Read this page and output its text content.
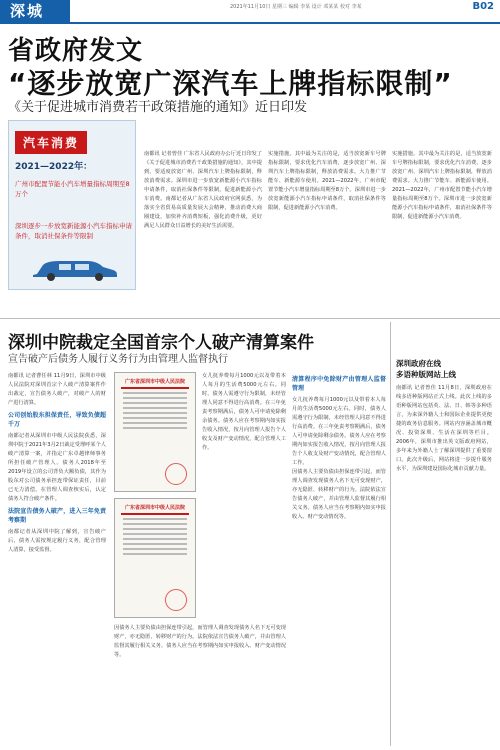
深城	2021年11月10日 星期三 编辑 李某 设计 邓某某 校对 李某	B02
省政府发文
“逐步放宽广深汽车上牌指标限制”
《关于促进城市消费若干政策措施的通知》近日印发
汽车消费
2021—2022年：
广州市配置节能小汽车增量指标周期至8万个
深圳逐步一步放宽新能源小汽车指标申请条件，取消社保条件等限制
南都讯 记者曾佳 广东省人民政府办公厅近日印发了《关于促进城市消费若干政策措施的通知》，其中提到，要适度放宽广州、深圳汽车上牌指标限制，释放消费需求。深圳市进一步放宽新能源小汽车指标申请条件，取消社保条件等限制，促进新能源小汽车消费。南都记者从广东省人民政府官网获悉，为落实全省贸易高质量发展大会精神，推动消费大商圈建设，加快补齐消费短板，强化消费升级，更好满足人民群众日益增长的美好生活需要。
实施措施。其中最为关注的是，适当放宽新车号牌指标限制，要求优化汽车消费，逐步放宽广州、深圳汽车上牌指标限制，释放消费需求。大力推广节能车、新能源车使用。2021—2022年，广州市配置节能小汽车增量指标周期至8万个。深圳市进一步放宽新能源小汽车指标申请条件，取消社保条件等限制，促进新能源小汽车消费。
实施措施。其中最为关注的是，适当放宽新车号牌指标限制，要求优化汽车消费，逐步放宽广州、深圳汽车上牌指标限制，释放消费需求。大力推广节能车、新能源车使用。2021—2022年，广州市配置节能小汽车增量指标周期至8万个。深圳市进一步放宽新能源小汽车指标申请条件，取消社保条件等限制，促进新能源小汽车消费。
深圳中院裁定全国首宗个人破产清算案件
宣告破产后债务人履行义务行为由管理人监督执行
南都讯 记者曹任林 11月9日，深圳市中级人民法院对深圳首宗个人破产清算案件作出裁定，宣告债务人破产，对破产人的财产进行清算。
公司创始股东担保责任，导致负债超千万
南都记者从深圳市中级人民法院获悉，深圳中院于2021年3月2日裁定受理呼某个人破产清算一案，并指定广东卓越律师事务所担任破产管理人。债务人2018年至2019年设立的公司背负大额负债，其作为股东对公司债务承担连带保证责任，目前已无力清偿。在管理人调查核实后，认定债务人符合破产条件。
法院宣告债务人破产，进入三年免责考察期
南都记者从深圳中院了解到，宣告破产后，债务人需按规定履行义务，配合管理人清算，接受监督。
广东省深圳市中级人民法院
广东省深圳市中级人民法院
因债务人主要负债由担保连带引起，而管理人调查发现债务人名下无可变现财产，亦无隐匿、转移财产的行为。法院依法宣告债务人破产，并由管理人监督其履行相关义务。债务人应当在考察期内如实申报收入、财产变动情况等。
女儿抚养费每月1000元以及带着本人每月的生活费5000元左右。同时，债务人需遵守行为限制，未经管理人同意不得进行高消费。在三年免责考察期满后，债务人可申请免除剩余债务。债务人应在考察期内如实报告收入情况，按月向管理人报告个人收支及财产变动情况，配合管理人工作。
清算程序中免除财产由管理人监督管理
女儿抚养费每月1000元以及带着本人每月的生活费5000元左右。同时，债务人需遵守行为限制，未经管理人同意不得进行高消费。在三年免责考察期满后，债务人可申请免除剩余债务。债务人应在考察期内如实报告收入情况，按月向管理人报告个人收支及财产变动情况，配合管理人工作。
因债务人主要负债由担保连带引起，而管理人调查发现债务人名下无可变现财产，亦无隐匿、转移财产的行为。法院依法宣告债务人破产，并由管理人监督其履行相关义务。债务人应当在考察期内如实申报收入、财产变动情况等。
深圳政府在线
多语种版网站上线
南都讯 记者曾佳 11月8日，深圳政府在线多语种版网站正式上线。此次上线的多语种版网站包括英、法、日、韩等多种语言，为来深外籍人士和国际企业提供更便捷的政务信息服务。网站内容涵盖城市概况、投资深圳、生活在深圳等栏目。2006年，深圳市推出英文版政府网站，多年来为外籍人士了解深圳提供了重要窗口。此次升级后，网站将进一步提升服务水平，为深圳建设国际化城市贡献力量。
